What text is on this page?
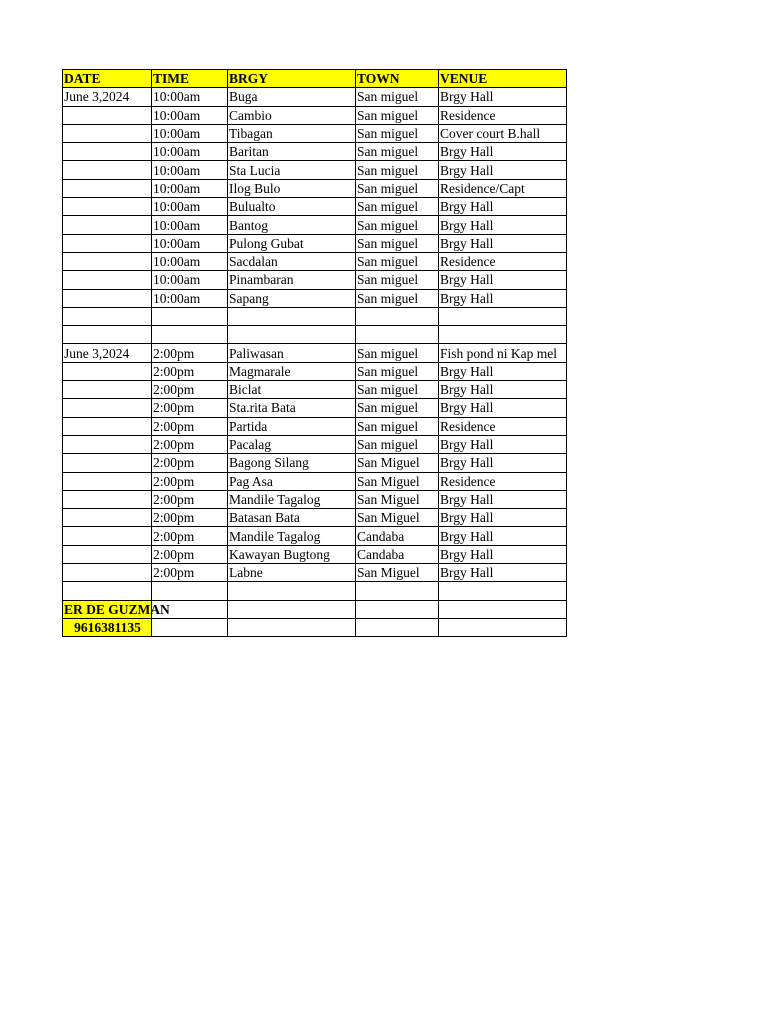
DATE	TIME	BRGY	TOWN	VENUE
June 3,2024	10:00am	Buga	San miguel	Brgy Hall
	10:00am	Cambio	San miguel	Residence
	10:00am	Tibagan	San miguel	Cover court B.hall
	10:00am	Baritan	San miguel	Brgy Hall
	10:00am	Sta Lucia	San miguel	Brgy Hall
	10:00am	Ilog Bulo	San miguel	Residence/Capt
	10:00am	Bulualto	San miguel	Brgy Hall
	10:00am	Bantog	San miguel	Brgy Hall
	10:00am	Pulong Gubat	San miguel	Brgy Hall
	10:00am	Sacdalan	San miguel	Residence
	10:00am	Pinambaran	San miguel	Brgy Hall
	10:00am	Sapang	San miguel	Brgy Hall

June 3,2024	2:00pm	Paliwasan	San miguel	Fish pond ni Kap mel
	2:00pm	Magmarale	San miguel	Brgy Hall
	2:00pm	Biclat	San miguel	Brgy Hall
	2:00pm	Sta.rita Bata	San miguel	Brgy Hall
	2:00pm	Partida	San miguel	Residence
	2:00pm	Pacalag	San miguel	Brgy Hall
	2:00pm	Bagong Silang	San Miguel	Brgy Hall
	2:00pm	Pag Asa	San Miguel	Residence
	2:00pm	Mandile Tagalog	San Miguel	Brgy Hall
	2:00pm	Batasan Bata	San Miguel	Brgy Hall
	2:00pm	Mandile Tagalog	Candaba	Brgy Hall
	2:00pm	Kawayan Bugtong	Candaba	Brgy Hall
	2:00pm	Labne	San Miguel	Brgy Hall

ER DE GUZMAN				
9616381135				
